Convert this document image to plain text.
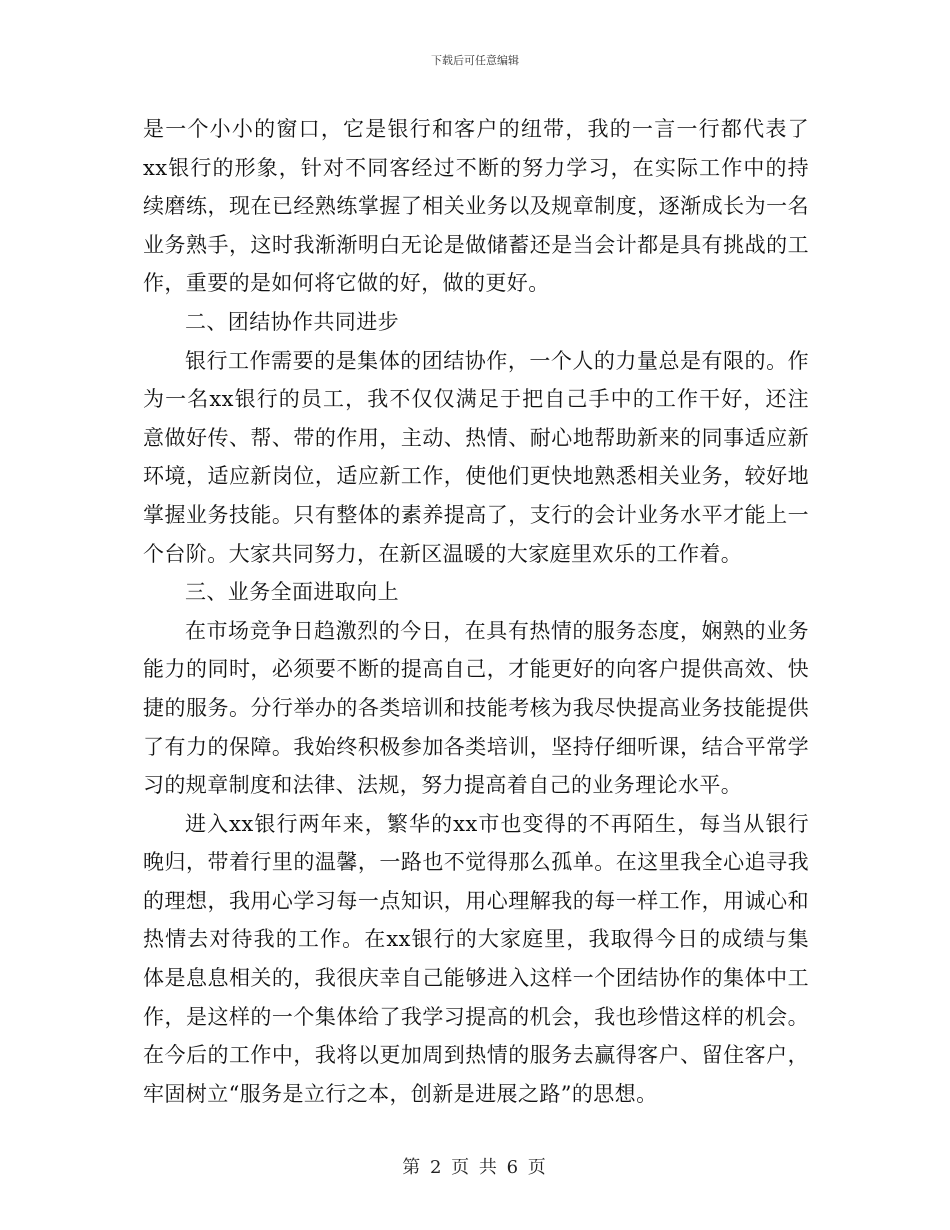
下载后可任意编辑

是一个小小的窗口，它是银行和客户的纽带，我的一言一行都代表了xx银行的形象，针对不同客经过不断的努力学习，在实际工作中的持续磨练，现在已经熟练掌握了相关业务以及规章制度，逐渐成长为一名业务熟手，这时我渐渐明白无论是做储蓄还是当会计都是具有挑战的工作，重要的是如何将它做的好，做的更好。

二、团结协作共同进步

银行工作需要的是集体的团结协作，一个人的力量总是有限的。作为一名xx银行的员工，我不仅仅满足于把自己手中的工作干好，还注意做好传、帮、带的作用，主动、热情、耐心地帮助新来的同事适应新环境，适应新岗位，适应新工作，使他们更快地熟悉相关业务，较好地掌握业务技能。只有整体的素养提高了，支行的会计业务水平才能上一个台阶。大家共同努力，在新区温暖的大家庭里欢乐的工作着。

三、业务全面进取向上

在市场竞争日趋激烈的今日，在具有热情的服务态度，娴熟的业务能力的同时，必须要不断的提高自己，才能更好的向客户提供高效、快捷的服务。分行举办的各类培训和技能考核为我尽快提高业务技能提供了有力的保障。我始终积极参加各类培训，坚持仔细听课，结合平常学习的规章制度和法律、法规，努力提高着自己的业务理论水平。

进入xx银行两年来，繁华的xx市也变得的不再陌生，每当从银行晚归，带着行里的温馨，一路也不觉得那么孤单。在这里我全心追寻我的理想，我用心学习每一点知识，用心理解我的每一样工作，用诚心和热情去对待我的工作。在xx银行的大家庭里，我取得今日的成绩与集体是息息相关的，我很庆幸自己能够进入这样一个团结协作的集体中工作，是这样的一个集体给了我学习提高的机会，我也珍惜这样的机会。在今后的工作中，我将以更加周到热情的服务去赢得客户、留住客户，牢固树立“服务是立行之本，创新是进展之路”的思想。

第 2 页 共 6 页
